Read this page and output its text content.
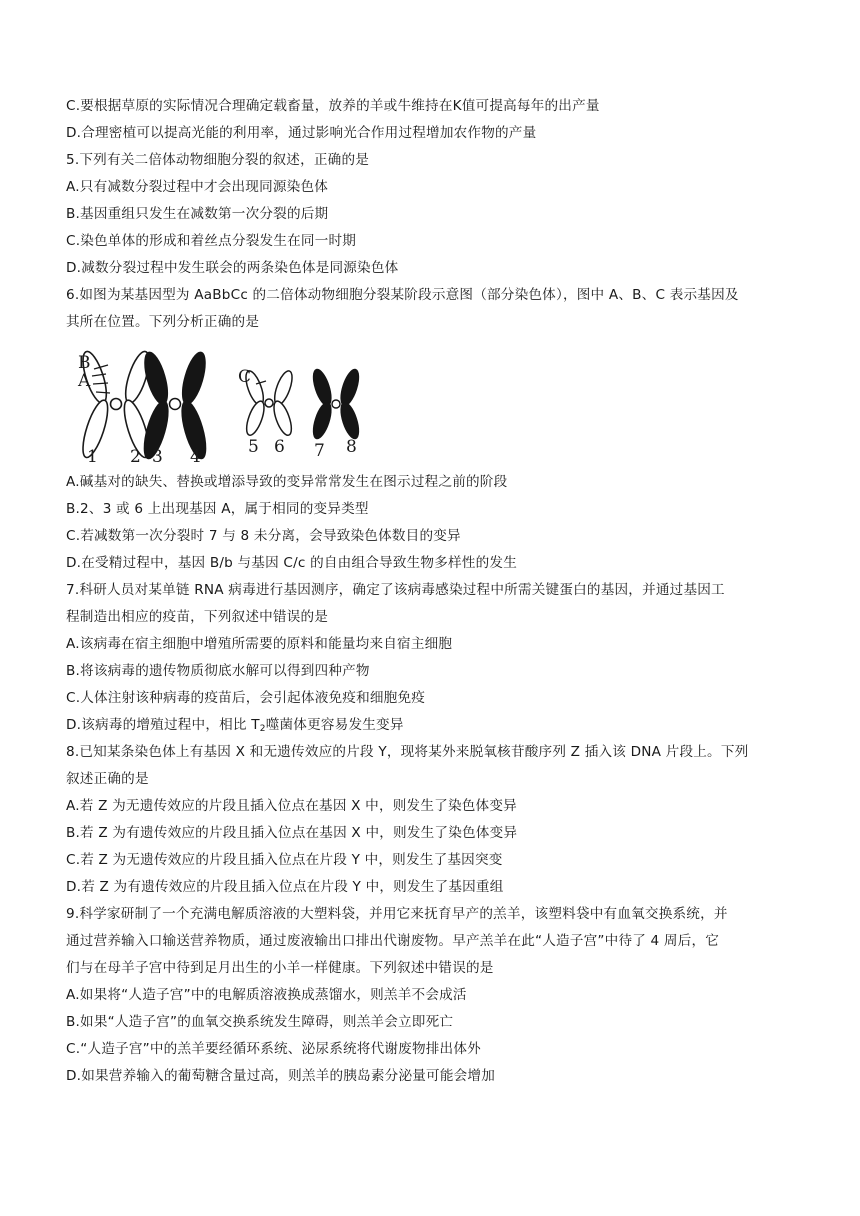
C.要根据草原的实际情况合理确定载畜量，放养的羊或牛维持在K值可提高每年的出产量
D.合理密植可以提高光能的利用率，通过影响光合作用过程增加农作物的产量
5.下列有关二倍体动物细胞分裂的叙述，正确的是
A.只有减数分裂过程中才会出现同源染色体
B.基因重组只发生在减数第一次分裂的后期
C.染色单体的形成和着丝点分裂发生在同一时期
D.减数分裂过程中发生联会的两条染色体是同源染色体
6.如图为某基因型为 AaBbCc 的二倍体动物细胞分裂某阶段示意图（部分染色体），图中 A、B、C 表示基因及
其所在位置。下列分析正确的是
B
A	C
1 2 3 4	5 6 7 8
A.碱基对的缺失、替换或增添导致的变异常常发生在图示过程之前的阶段
B.2、3 或 6 上出现基因 A，属于相同的变异类型
C.若减数第一次分裂时 7 与 8 未分离，会导致染色体数目的变异
D.在受精过程中，基因 B/b 与基因 C/c 的自由组合导致生物多样性的发生
7.科研人员对某单链 RNA 病毒进行基因测序，确定了该病毒感染过程中所需关键蛋白的基因，并通过基因工
程制造出相应的疫苗，下列叙述中错误的是
A.该病毒在宿主细胞中增殖所需要的原料和能量均来自宿主细胞
B.将该病毒的遗传物质彻底水解可以得到四种产物
C.人体注射该种病毒的疫苗后，会引起体液免疫和细胞免疫
D.该病毒的增殖过程中，相比 $T_2$噬菌体更容易发生变异
8.已知某条染色体上有基因 X 和无遗传效应的片段 Y，现将某外来脱氧核苷酸序列 Z 插入该 DNA 片段上。下列
叙述正确的是
A.若 Z 为无遗传效应的片段且插入位点在基因 X 中，则发生了染色体变异
B.若 Z 为有遗传效应的片段且插入位点在基因 X 中，则发生了染色体变异
C.若 Z 为无遗传效应的片段且插入位点在片段 Y 中，则发生了基因突变
D.若 Z 为有遗传效应的片段且插入位点在片段 Y 中，则发生了基因重组
9.科学家研制了一个充满电解质溶液的大塑料袋，并用它来抚育早产的羔羊，该塑料袋中有血氧交换系统，并
通过营养输入口输送营养物质，通过废液输出口排出代谢废物。早产羔羊在此“人造子宫”中待了 4 周后，它
们与在母羊子宫中待到足月出生的小羊一样健康。下列叙述中错误的是
A.如果将“人造子宫”中的电解质溶液换成蒸馏水，则羔羊不会成活
B.如果“人造子宫”的血氧交换系统发生障碍，则羔羊会立即死亡
C.“人造子宫”中的羔羊要经循环系统、泌尿系统将代谢废物排出体外
D.如果营养输入的葡萄糖含量过高，则羔羊的胰岛素分泌量可能会增加
